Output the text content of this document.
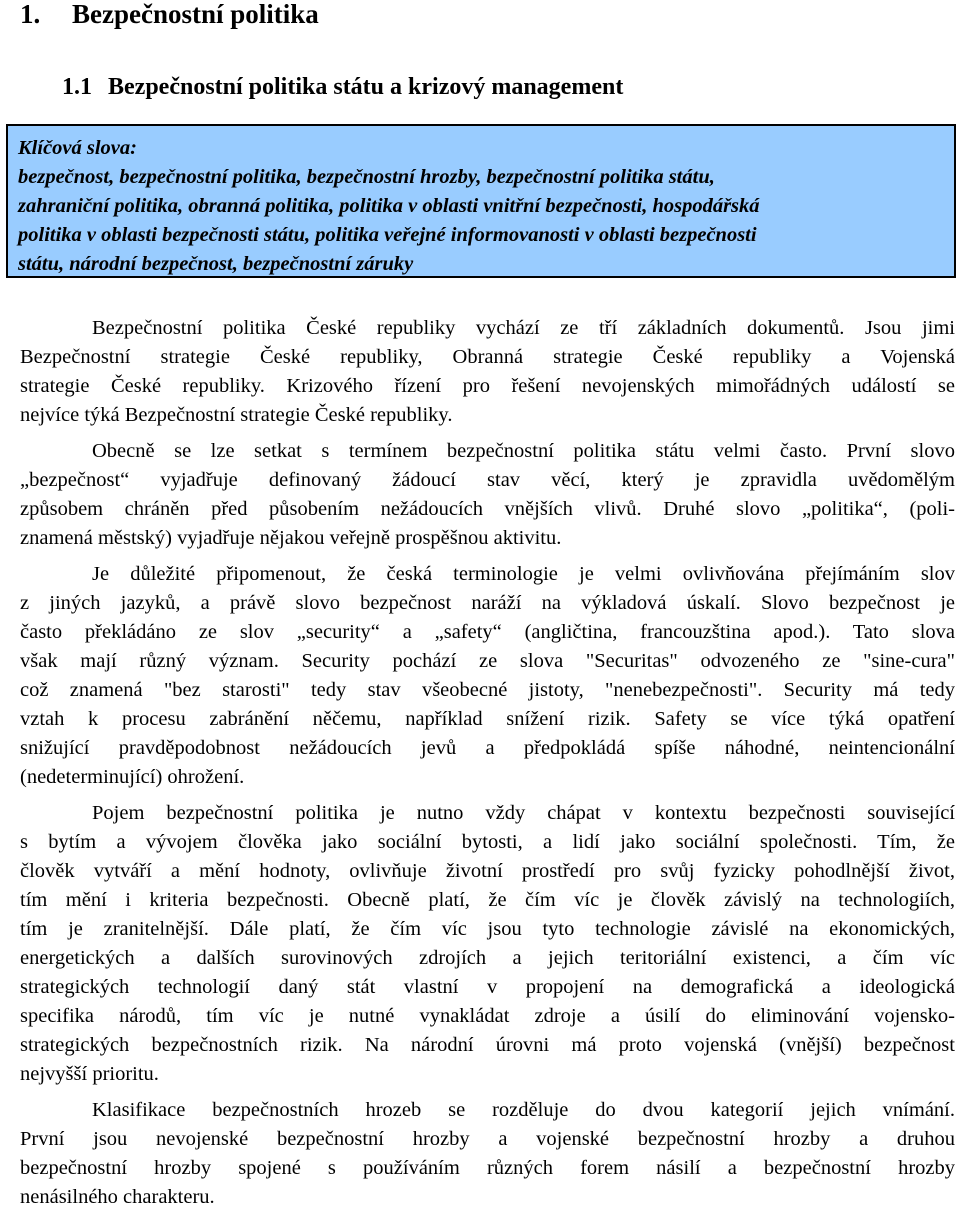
1. Bezpečnostní politika
1.1 Bezpečnostní politika státu a krizový management
Klíčová slova:
bezpečnost, bezpečnostní politika, bezpečnostní hrozby, bezpečnostní politika státu,
zahraniční politika, obranná politika, politika v oblasti vnitřní bezpečnosti, hospodářská
politika v oblasti bezpečnosti státu, politika veřejné informovanosti v oblasti bezpečnosti
státu, národní bezpečnost, bezpečnostní záruky

Bezpečnostní politika České republiky vychází ze tří základních dokumentů. Jsou jimi
Bezpečnostní strategie České republiky, Obranná strategie České republiky a Vojenská
strategie České republiky. Krizového řízení pro řešení nevojenských mimořádných událostí se
nejvíce týká Bezpečnostní strategie České republiky.

Obecně se lze setkat s termínem bezpečnostní politika státu velmi často. První slovo
„bezpečnost“ vyjadřuje definovaný žádoucí stav věcí, který je zpravidla uvědomělým
způsobem chráněn před působením nežádoucích vnějších vlivů. Druhé slovo „politika“, (poli-
znamená městský) vyjadřuje nějakou veřejně prospěšnou aktivitu.

Je důležité připomenout, že česká terminologie je velmi ovlivňována přejímáním slov
z jiných jazyků, a právě slovo bezpečnost naráží na výkladová úskalí. Slovo bezpečnost je
často překládáno ze slov „security“ a „safety“ (angličtina, francouzština apod.). Tato slova
však mají různý význam. Security pochází ze slova "Securitas" odvozeného ze "sine-cura"
což znamená "bez starosti" tedy stav všeobecné jistoty, "nenebezpečnosti". Security má tedy
vztah k procesu zabránění něčemu, například snížení rizik. Safety se více týká opatření
snižující pravděpodobnost nežádoucích jevů a předpokládá spíše náhodné, neintencionální
(nedeterminující) ohrožení.

Pojem bezpečnostní politika je nutno vždy chápat v kontextu bezpečnosti související
s bytím a vývojem člověka jako sociální bytosti, a lidí jako sociální společnosti. Tím, že
člověk vytváří a mění hodnoty, ovlivňuje životní prostředí pro svůj fyzicky pohodlnější život,
tím mění i kriteria bezpečnosti. Obecně platí, že čím víc je člověk závislý na technologiích,
tím je zranitelnější. Dále platí, že čím víc jsou tyto technologie závislé na ekonomických,
energetických a dalších surovinových zdrojích a jejich teritoriální existenci, a čím víc
strategických technologií daný stát vlastní v propojení na demografická a ideologická
specifika národů, tím víc je nutné vynakládat zdroje a úsilí do eliminování vojensko-
strategických bezpečnostních rizik. Na národní úrovni má proto vojenská (vnější) bezpečnost
nejvyšší prioritu.

Klasifikace bezpečnostních hrozeb se rozděluje do dvou kategorií jejich vnímání.
První jsou nevojenské bezpečnostní hrozby a vojenské bezpečnostní hrozby a druhou
bezpečnostní hrozby spojené s používáním různých forem násilí a bezpečnostní hrozby
nenásilného charakteru.
